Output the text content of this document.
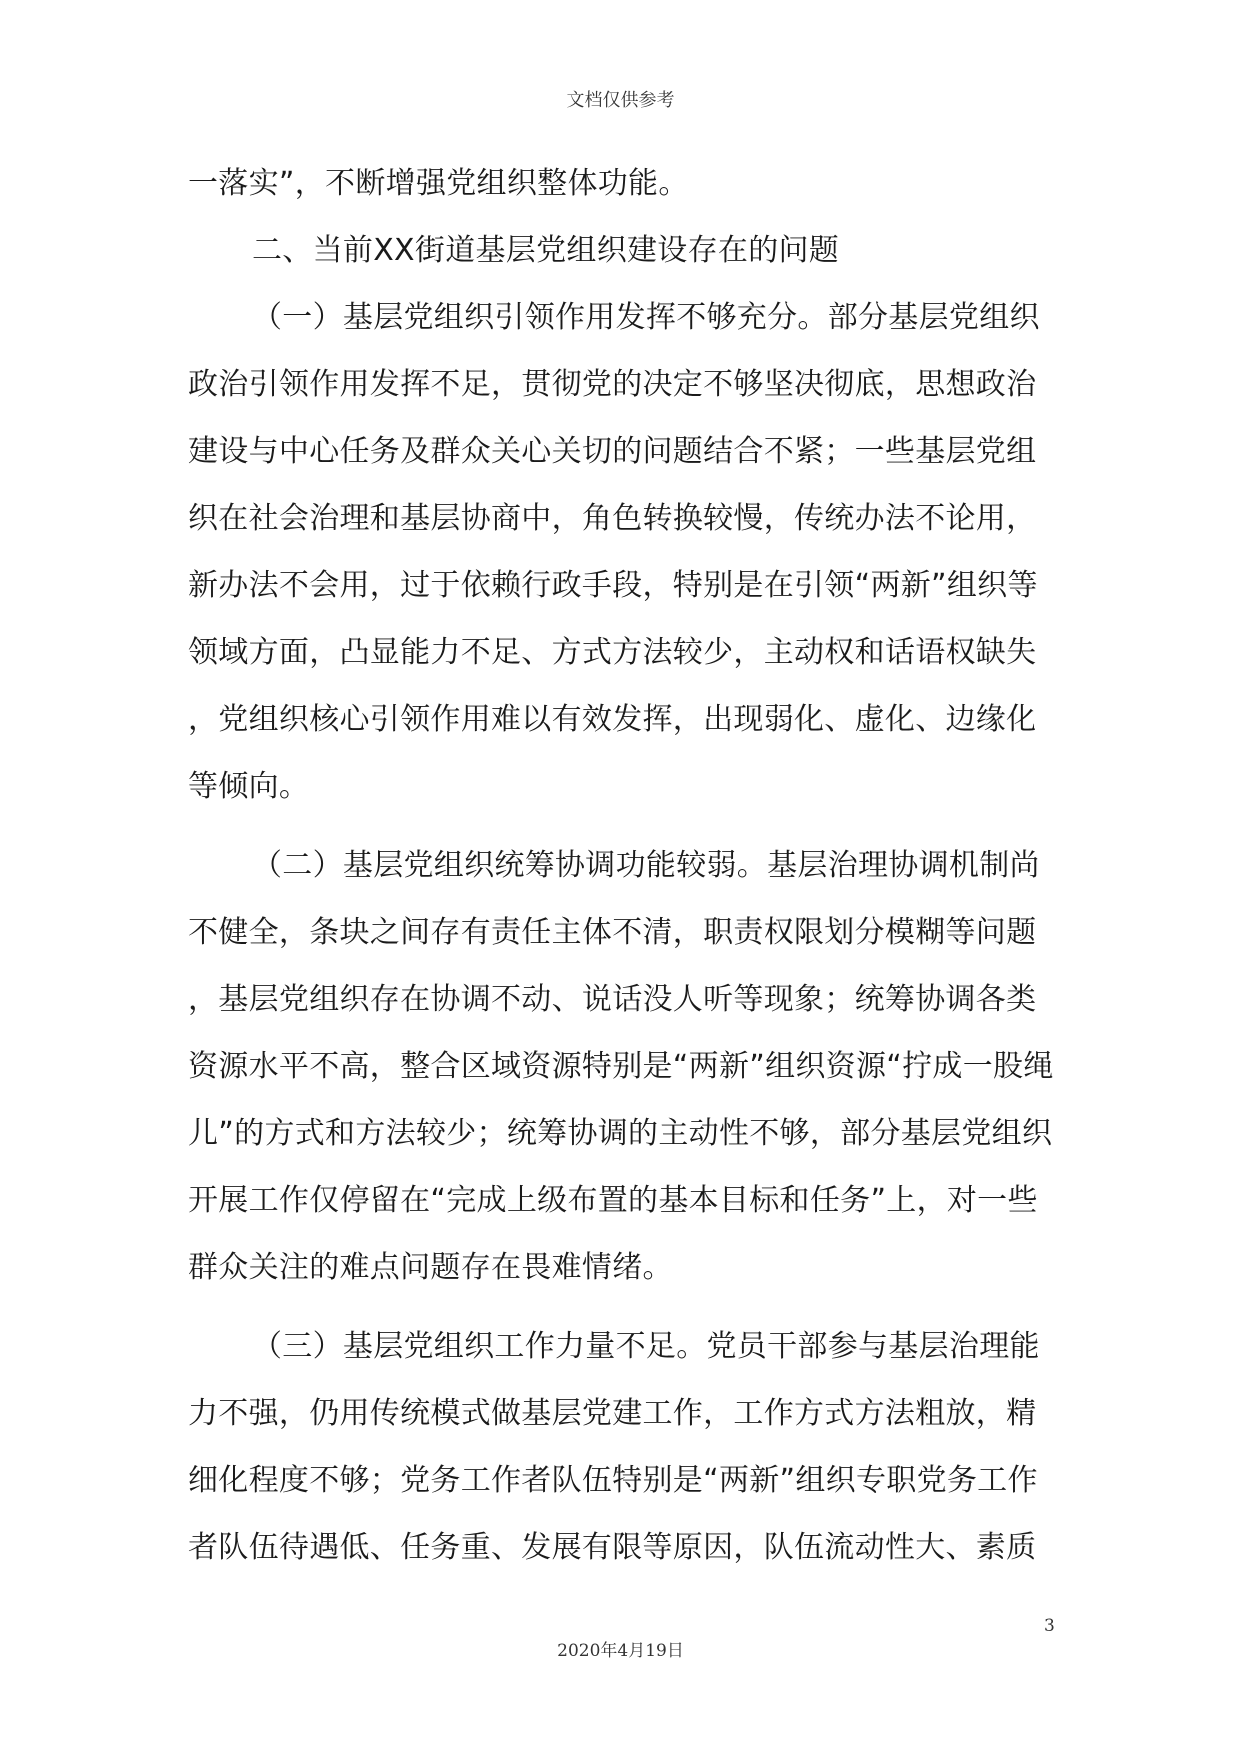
文档仅供参考
一落实”，不断增强党组织整体功能。
二、当前XX街道基层党组织建设存在的问题
（一）基层党组织引领作用发挥不够充分。部分基层党组织
政治引领作用发挥不足，贯彻党的决定不够坚决彻底，思想政治
建设与中心任务及群众关心关切的问题结合不紧；一些基层党组
织在社会治理和基层协商中，角色转换较慢，传统办法不论用，
新办法不会用，过于依赖行政手段，特别是在引领“两新”组织等
领域方面，凸显能力不足、方式方法较少，主动权和话语权缺失
，党组织核心引领作用难以有效发挥，出现弱化、虚化、边缘化
等倾向。
（二）基层党组织统筹协调功能较弱。基层治理协调机制尚
不健全，条块之间存有责任主体不清，职责权限划分模糊等问题
，基层党组织存在协调不动、说话没人听等现象；统筹协调各类
资源水平不高，整合区域资源特别是“两新”组织资源“拧成一股绳
儿”的方式和方法较少；统筹协调的主动性不够，部分基层党组织
开展工作仅停留在“完成上级布置的基本目标和任务”上，对一些
群众关注的难点问题存在畏难情绪。
（三）基层党组织工作力量不足。党员干部参与基层治理能
力不强，仍用传统模式做基层党建工作，工作方式方法粗放，精
细化程度不够；党务工作者队伍特别是“两新”组织专职党务工作
者队伍待遇低、任务重、发展有限等原因，队伍流动性大、素质
3
2020年4月19日
